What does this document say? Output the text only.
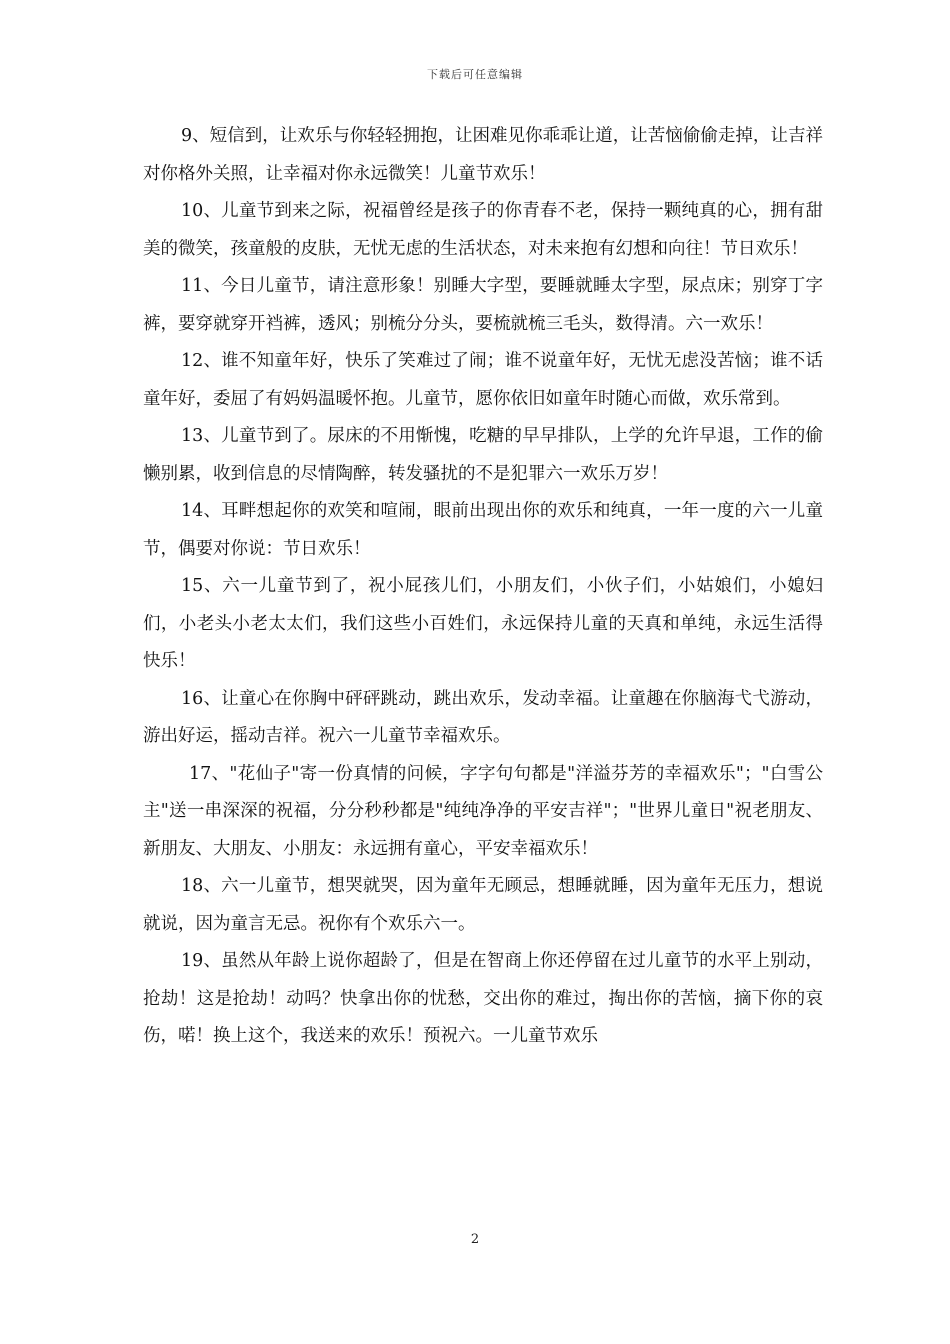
下载后可任意编辑

9、短信到，让欢乐与你轻轻拥抱，让困难见你乖乖让道，让苦恼偷偷走掉，让吉祥对你格外关照，让幸福对你永远微笑！儿童节欢乐！

10、儿童节到来之际，祝福曾经是孩子的你青春不老，保持一颗纯真的心，拥有甜美的微笑，孩童般的皮肤，无忧无虑的生活状态，对未来抱有幻想和向往！节日欢乐！

11、今日儿童节，请注意形象！别睡大字型，要睡就睡太字型，尿点床；别穿丁字裤，要穿就穿开裆裤，透风；别梳分分头，要梳就梳三毛头，数得清。六一欢乐！

12、谁不知童年好，快乐了笑难过了闹；谁不说童年好，无忧无虑没苦恼；谁不话童年好，委屈了有妈妈温暖怀抱。儿童节，愿你依旧如童年时随心而做，欢乐常到。

13、儿童节到了。尿床的不用惭愧，吃糖的早早排队，上学的允许早退，工作的偷懒别累，收到信息的尽情陶醉，转发骚扰的不是犯罪六一欢乐万岁！

14、耳畔想起你的欢笑和喧闹，眼前出现出你的欢乐和纯真，一年一度的六一儿童节，偶要对你说：节日欢乐！

15、六一儿童节到了，祝小屁孩儿们，小朋友们，小伙子们，小姑娘们，小媳妇们，小老头小老太太们，我们这些小百姓们，永远保持儿童的天真和单纯，永远生活得快乐！

16、让童心在你胸中砰砰跳动，跳出欢乐，发动幸福。让童趣在你脑海弋弋游动，游出好运，摇动吉祥。祝六一儿童节幸福欢乐。

17、"花仙子"寄一份真情的问候，字字句句都是"洋溢芬芳的幸福欢乐"；"白雪公主"送一串深深的祝福，分分秒秒都是"纯纯净净的平安吉祥"；"世界儿童日"祝老朋友、新朋友、大朋友、小朋友：永远拥有童心，平安幸福欢乐！

18、六一儿童节，想哭就哭，因为童年无顾忌，想睡就睡，因为童年无压力，想说就说，因为童言无忌。祝你有个欢乐六一。

19、虽然从年龄上说你超龄了，但是在智商上你还停留在过儿童节的水平上别动，抢劫！这是抢劫！动吗？快拿出你的忧愁，交出你的难过，掏出你的苦恼，摘下你的哀伤，喏！换上这个，我送来的欢乐！预祝六。一儿童节欢乐

2
